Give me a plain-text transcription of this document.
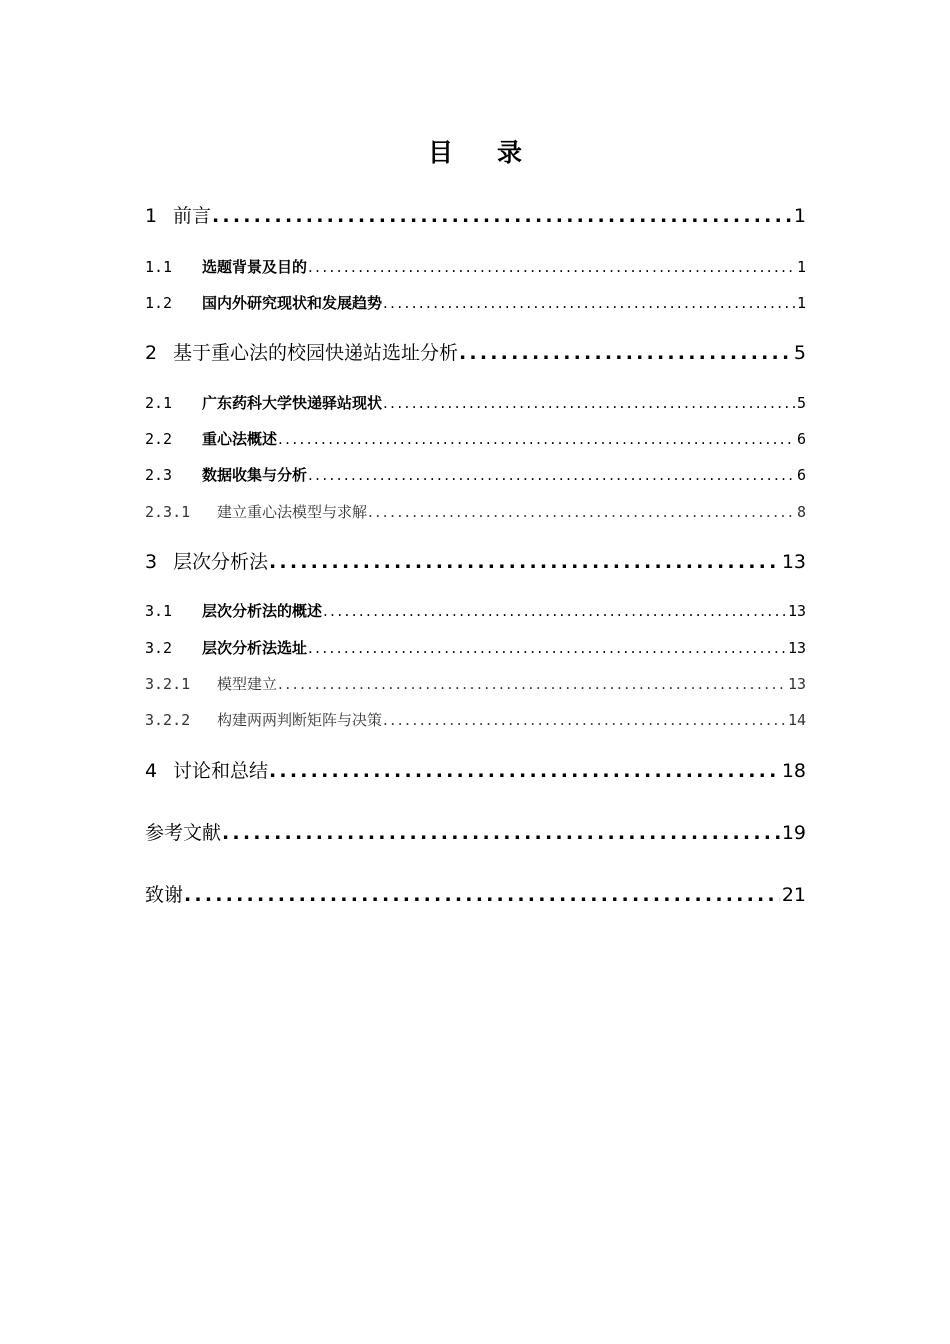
目 录
1 前言 .....	1
1.1	选题背景及目的 .....	1
1.2	国内外研究现状和发展趋势 .....	1
2 基于重心法的校园快递站选址分析 .....	5
2.1	广东药科大学快递驿站现状 .....	5
2.2	重心法概述 .....	6
2.3	数据收集与分析 .....	6
2.3.1	建立重心法模型与求解 .....	8
3 层次分析法 .....	13
3.1	层次分析法的概述 .....	13
3.2	层次分析法选址 .....	13
3.2.1	模型建立 .....	13
3.2.2	构建两两判断矩阵与决策 .....	14
4 讨论和总结 .....	18
参考文献 .....	19
致谢 .....	21
